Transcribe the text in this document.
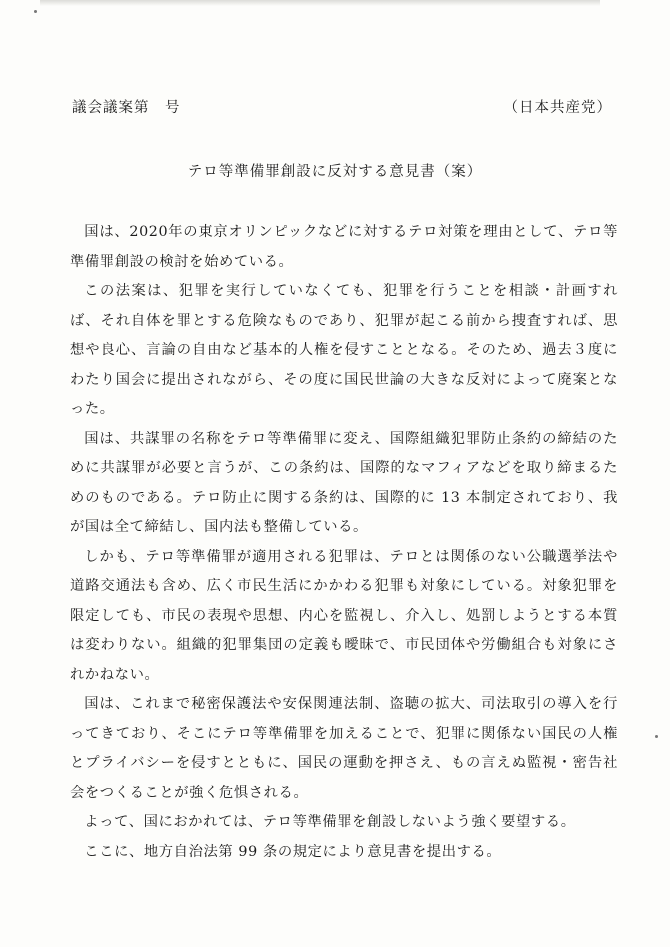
議会議案第　号	（日本共産党）
テロ等準備罪創設に反対する意見書（案）

国は、2020年の東京オリンピックなどに対するテロ対策を理由として、テロ等準備罪創設の検討を始めている。

この法案は、犯罪を実行していなくても、犯罪を行うことを相談・計画すれば、それ自体を罪とする危険なものであり、犯罪が起こる前から捜査すれば、思想や良心、言論の自由など基本的人権を侵すこととなる。そのため、過去３度にわたり国会に提出されながら、その度に国民世論の大きな反対によって廃案となった。

国は、共謀罪の名称をテロ等準備罪に変え、国際組織犯罪防止条約の締結のために共謀罪が必要と言うが、この条約は、国際的なマフィアなどを取り締まるためのものである。テロ防止に関する条約は、国際的に 13 本制定されており、我が国は全て締結し、国内法も整備している。

しかも、テロ等準備罪が適用される犯罪は、テロとは関係のない公職選挙法や道路交通法も含め、広く市民生活にかかわる犯罪も対象にしている。対象犯罪を限定しても、市民の表現や思想、内心を監視し、介入し、処罰しようとする本質は変わりない。組織的犯罪集団の定義も曖昧で、市民団体や労働組合も対象にされかねない。

国は、これまで秘密保護法や安保関連法制、盗聴の拡大、司法取引の導入を行ってきており、そこにテロ等準備罪を加えることで、犯罪に関係ない国民の人権とプライバシーを侵すとともに、国民の運動を押さえ、もの言えぬ監視・密告社会をつくることが強く危惧される。

よって、国におかれては、テロ等準備罪を創設しないよう強く要望する。

ここに、地方自治法第 99 条の規定により意見書を提出する。
